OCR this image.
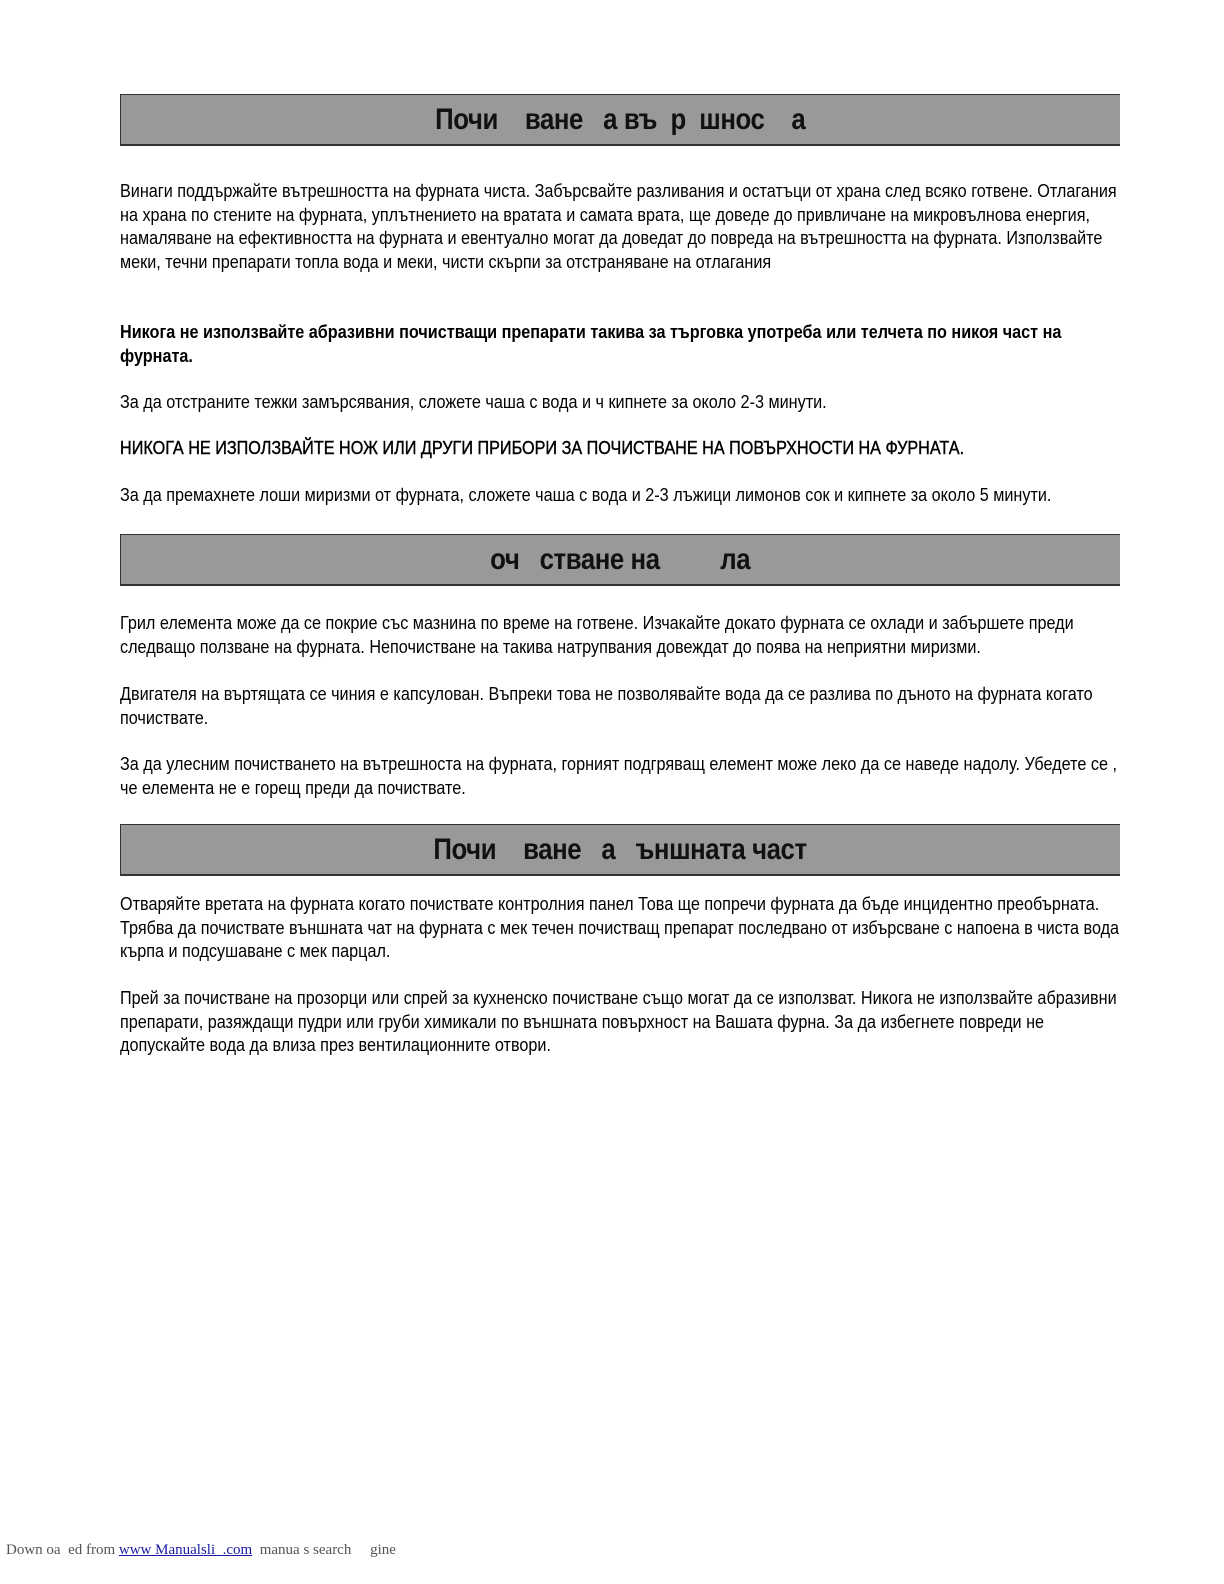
Почи    ване   а въ  р  шнос    а

Винаги поддържайте вътрешността на фурната чиста. Забърсвайте разливания и остатъци от храна след всяко готвене. Отлагания на храна по стените на фурната, уплътнението на вратата и самата врата, ще доведе до привличане на микровълнова енергия, намаляване на ефективността на фурната и евентуално могат да доведат до повреда на вътрешността на фурната. Използвайте меки, течни препарати топла вода и меки, чисти скърпи за отстраняване на отлагания

Никога не използвайте абразивни почистващи препарати такива за търговка употреба или телчета по никоя част на фурната.

За да отстраните тежки замърсявания, сложете чаша с вода и ч кипнете за около 2-3 минути.

НИКОГА НЕ ИЗПОЛЗВАЙТЕ НОЖ ИЛИ ДРУГИ ПРИБОРИ ЗА ПОЧИСТВАНЕ НА ПОВЪРХНОСТИ НА ФУРНАТА.

За да премахнете лоши миризми от фурната, сложете чаша с вода и 2-3 лъжици лимонов сок и кипнете за около 5 минути.

оч   стване на         ла

Грил елемента може да се покрие със мазнина по време на готвене. Изчакайте докато фурната се охлади и забършете преди следващо ползване на фурната. Непочистване на такива натрупвания довеждат до поява на неприятни миризми.

Двигателя на въртящата се чиния е капсулован. Въпреки това не позволявайте вода да се разлива по дъното на фурната когато почиствате.

За да улесним почистването на вътрешноста на фурната, горният подгряващ елемент може леко да се наведе надолу. Убедете се , че елемента не е горещ преди да почиствате.

Почи    ване   а   ъншната част

Отваряйте вретата на фурната когато почиствате контролния панел Това ще попречи фурната да бъде инцидентно преобърната. Трябва да почиствате външната чат на фурната с мек течен почистващ препарат последвано от избърсване с напоена в чиста вода кърпа и подсушаване с мек парцал.

Прей за почистване на прозорци или спрей за кухненско почистване също могат да се използват. Никога не използвайте абразивни препарати, разяждащи пудри или груби химикали по външната повърхност на Вашата фурна. За да избегнете повреди не допускайте вода да влиза през вентилационните отвори.

Down oa  ed from www Manualsli  .com  manua s search     gine
